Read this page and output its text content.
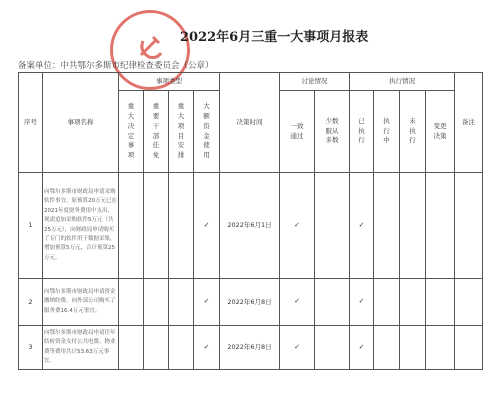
2022年6月三重一大事项月报表
备案单位：中共鄂尔多斯市纪律检查委员会（公章）
序号	事项名称	事项类型				决策时间	讨论情况		执行情况				备注
		重大决定事项	重要干部任免	重大项目安排	大额资金使用		一致通过	少数服从多数	已执行	执行中	未执行	变更决策	
1	向鄂尔多斯市财政局申请采购软件事宜。原预算20万元已在2021年度财务费用中支出，现需追加采购软件5万元（共25万元），向财政局申请购买了专门的软件用于数据采集，增加预算5万元，合计预算25万元。				✓	2022年6月1日	✓		✓				
2	向鄂尔多斯市财政局申请资金缴纳经费，向外部公司购买了服务费16.4万元事宜。				✓	2022年6月8日	✓		✓				
3	向鄂尔多斯市财政局申请往年结转资金支付公共电费、物业费等费用共计53.63万元事宜。				✓	2022年6月8日	✓		✓				
